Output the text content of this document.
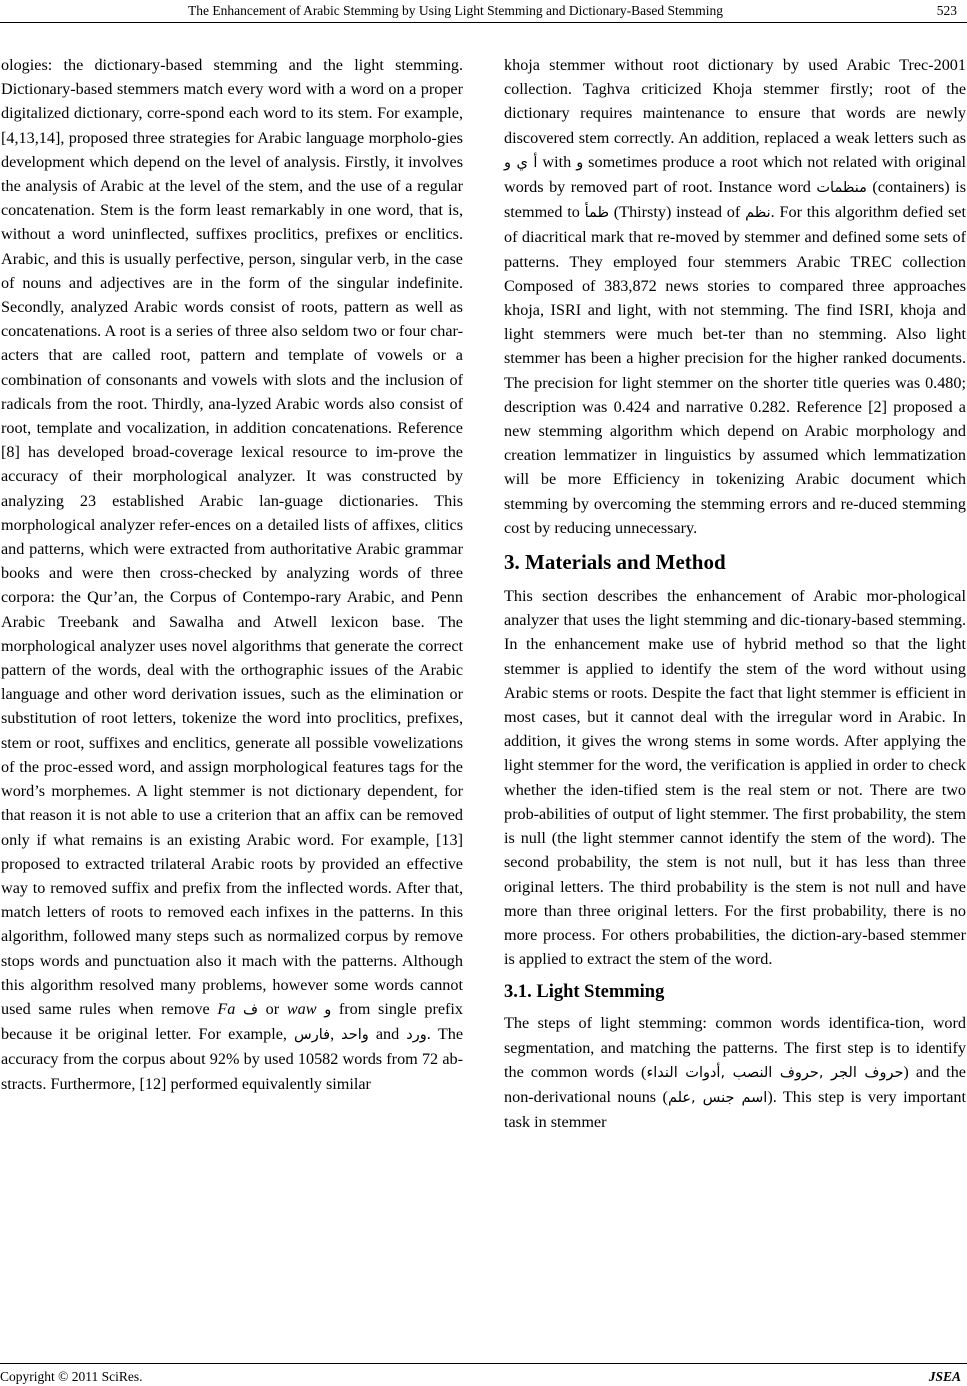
The Enhancement of Arabic Stemming by Using Light Stemming and Dictionary-Based Stemming	523

ologies: the dictionary-based stemming and the light stemming. Dictionary-based stemmers match every word with a word on a proper digitalized dictionary, corre-spond each word to its stem. For example, [4,13,14], proposed three strategies for Arabic language morpholo-gies development which depend on the level of analysis. Firstly, it involves the analysis of Arabic at the level of the stem, and the use of a regular concatenation. Stem is the form least remarkably in one word, that is, without a word uninflected, suffixes proclitics, prefixes or enclitics. Arabic, and this is usually perfective, person, singular verb, in the case of nouns and adjectives are in the form of the singular indefinite. Secondly, analyzed Arabic words consist of roots, pattern as well as concatenations. A root is a series of three also seldom two or four char-acters that are called root, pattern and template of vowels or a combination of consonants and vowels with slots and the inclusion of radicals from the root. Thirdly, ana-lyzed Arabic words also consist of root, template and vocalization, in addition concatenations. Reference [8] has developed broad-coverage lexical resource to im-prove the accuracy of their morphological analyzer. It was constructed by analyzing 23 established Arabic lan-guage dictionaries. This morphological analyzer refer-ences on a detailed lists of affixes, clitics and patterns, which were extracted from authoritative Arabic grammar books and were then cross-checked by analyzing words of three corpora: the Qur’an, the Corpus of Contempo-rary Arabic, and Penn Arabic Treebank and Sawalha and Atwell lexicon base. The morphological analyzer uses novel algorithms that generate the correct pattern of the words, deal with the orthographic issues of the Arabic language and other word derivation issues, such as the elimination or substitution of root letters, tokenize the word into proclitics, prefixes, stem or root, suffixes and enclitics, generate all possible vowelizations of the proc-essed word, and assign morphological features tags for the word’s morphemes. A light stemmer is not dictionary dependent, for that reason it is not able to use a criterion that an affix can be removed only if what remains is an existing Arabic word. For example, [13] proposed to extracted trilateral Arabic roots by provided an effective way to removed suffix and prefix from the inflected words. After that, match letters of roots to removed each infixes in the patterns. In this algorithm, followed many steps such as normalized corpus by remove stops words and punctuation also it mach with the patterns. Although this algorithm resolved many problems, however some words cannot used same rules when remove Fa ف or waw و from single prefix because it be original letter. For example, فارس, واحد and ورد. The accuracy from the corpus about 92% by used 10582 words from 72 ab-stracts. Furthermore, [12] performed equivalently similar

khoja stemmer without root dictionary by used Arabic Trec-2001 collection. Taghva criticized Khoja stemmer firstly; root of the dictionary requires maintenance to ensure that words are newly discovered stem correctly. An addition, replaced a weak letters such as أ ي و with و sometimes produce a root which not related with original words by removed part of root. Instance word منظمات (containers) is stemmed to ظمأ (Thirsty) instead of نظم. For this algorithm defied set of diacritical mark that re-moved by stemmer and defined some sets of patterns. They employed four stemmers Arabic TREC collection Composed of 383,872 news stories to compared three approaches khoja, ISRI and light, with not stemming. The find ISRI, khoja and light stemmers were much bet-ter than no stemming. Also light stemmer has been a higher precision for the higher ranked documents. The precision for light stemmer on the shorter title queries was 0.480; description was 0.424 and narrative 0.282. Reference [2] proposed a new stemming algorithm which depend on Arabic morphology and creation lemmatizer in linguistics by assumed which lemmatization will be more Efficiency in tokenizing Arabic document which stemming by overcoming the stemming errors and re-duced stemming cost by reducing unnecessary.

3. Materials and Method

This section describes the enhancement of Arabic mor-phological analyzer that uses the light stemming and dic-tionary-based stemming. In the enhancement make use of hybrid method so that the light stemmer is applied to identify the stem of the word without using Arabic stems or roots. Despite the fact that light stemmer is efficient in most cases, but it cannot deal with the irregular word in Arabic. In addition, it gives the wrong stems in some words. After applying the light stemmer for the word, the verification is applied in order to check whether the iden-tified stem is the real stem or not. There are two prob-abilities of output of light stemmer. The first probability, the stem is null (the light stemmer cannot identify the stem of the word). The second probability, the stem is not null, but it has less than three original letters. The third probability is the stem is not null and have more than three original letters. For the first probability, there is no more process. For others probabilities, the diction-ary-based stemmer is applied to extract the stem of the word.

3.1. Light Stemming

The steps of light stemming: common words identifica-tion, word segmentation, and matching the patterns. The first step is to identify the common words (حروف الجر ,حروف النصب ,أدوات النداء) and the non-derivational nouns (اسم جنس ,علم). This step is very important task in stemmer

Copyright © 2011 SciRes.	JSEA
